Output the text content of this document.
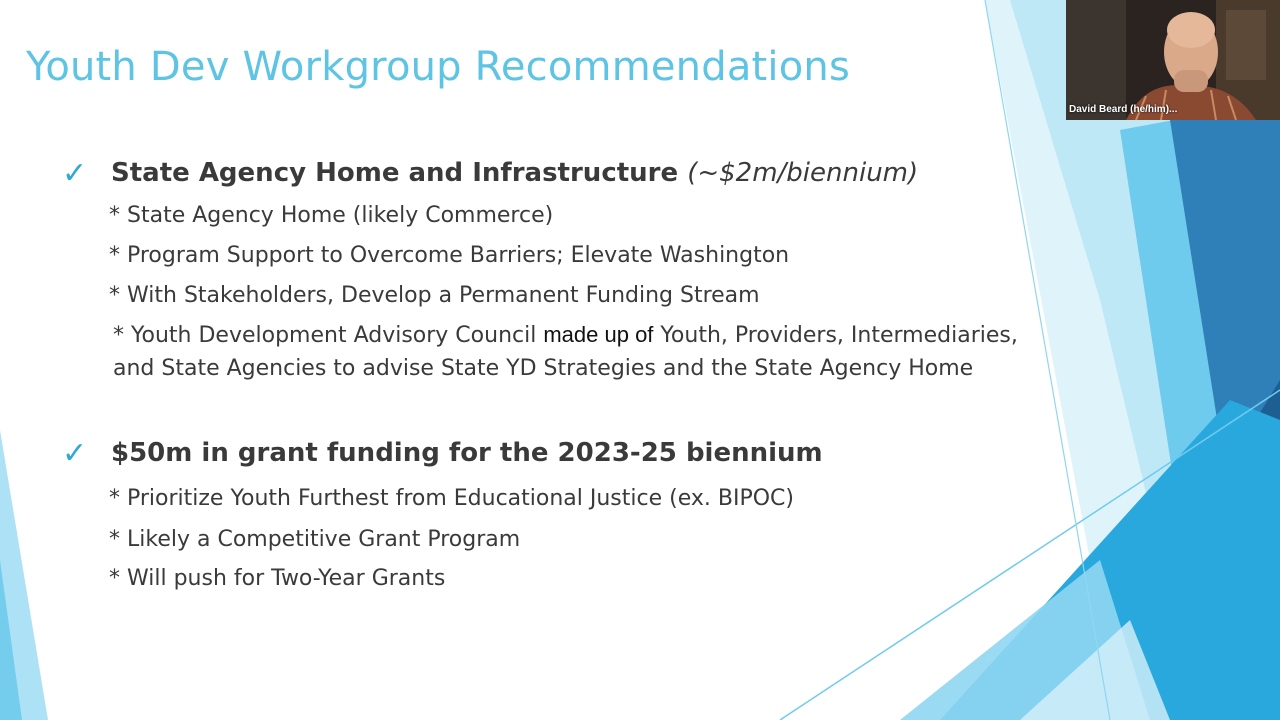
Youth Dev Workgroup Recommendations
✓ State Agency Home and Infrastructure (~$2m/biennium)
* State Agency Home (likely Commerce)
* Program Support to Overcome Barriers; Elevate Washington
* With Stakeholders, Develop a Permanent Funding Stream
* Youth Development Advisory Council made up of Youth, Providers, Intermediaries,
and State Agencies to advise State YD Strategies and the State Agency Home
✓ $50m in grant funding for the 2023-25 biennium
* Prioritize Youth Furthest from Educational Justice (ex. BIPOC)
* Likely a Competitive Grant Program
* Will push for Two-Year Grants
David Beard (he/him)...
